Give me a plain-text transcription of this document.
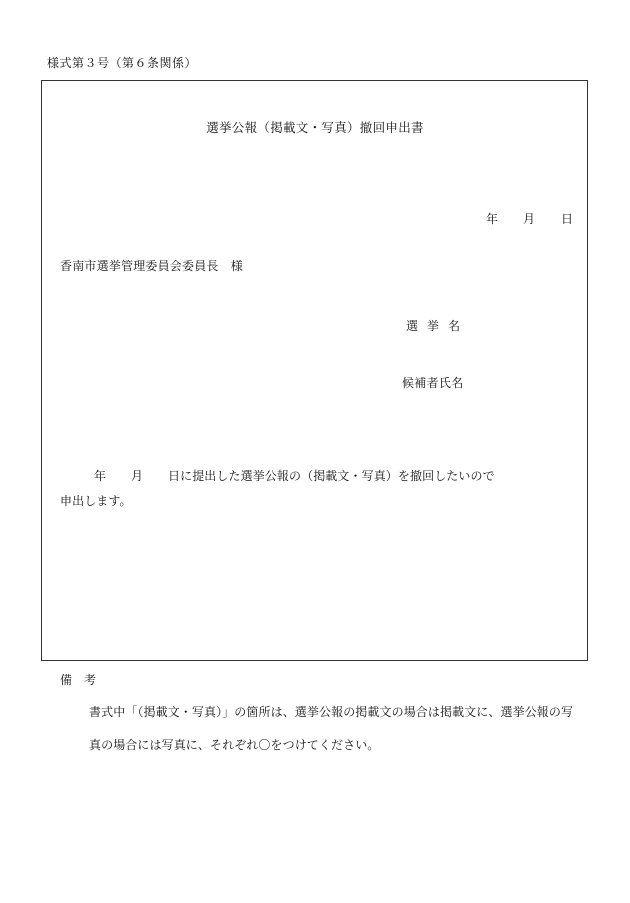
様式第３号（第６条関係）
選挙公報（掲載文・写真）撤回申出書
年 月 日
香南市選挙管理委員会委員長　様
選挙名
候補者氏名
年 月 日に提出した選挙公報の（掲載文・写真）を撤回したいので
申出します。
備考
書式中「（掲載文・写真）」の箇所は、選挙公報の掲載文の場合は掲載文に、選挙公報の写
真の場合には写真に、それぞれ〇をつけてください。
